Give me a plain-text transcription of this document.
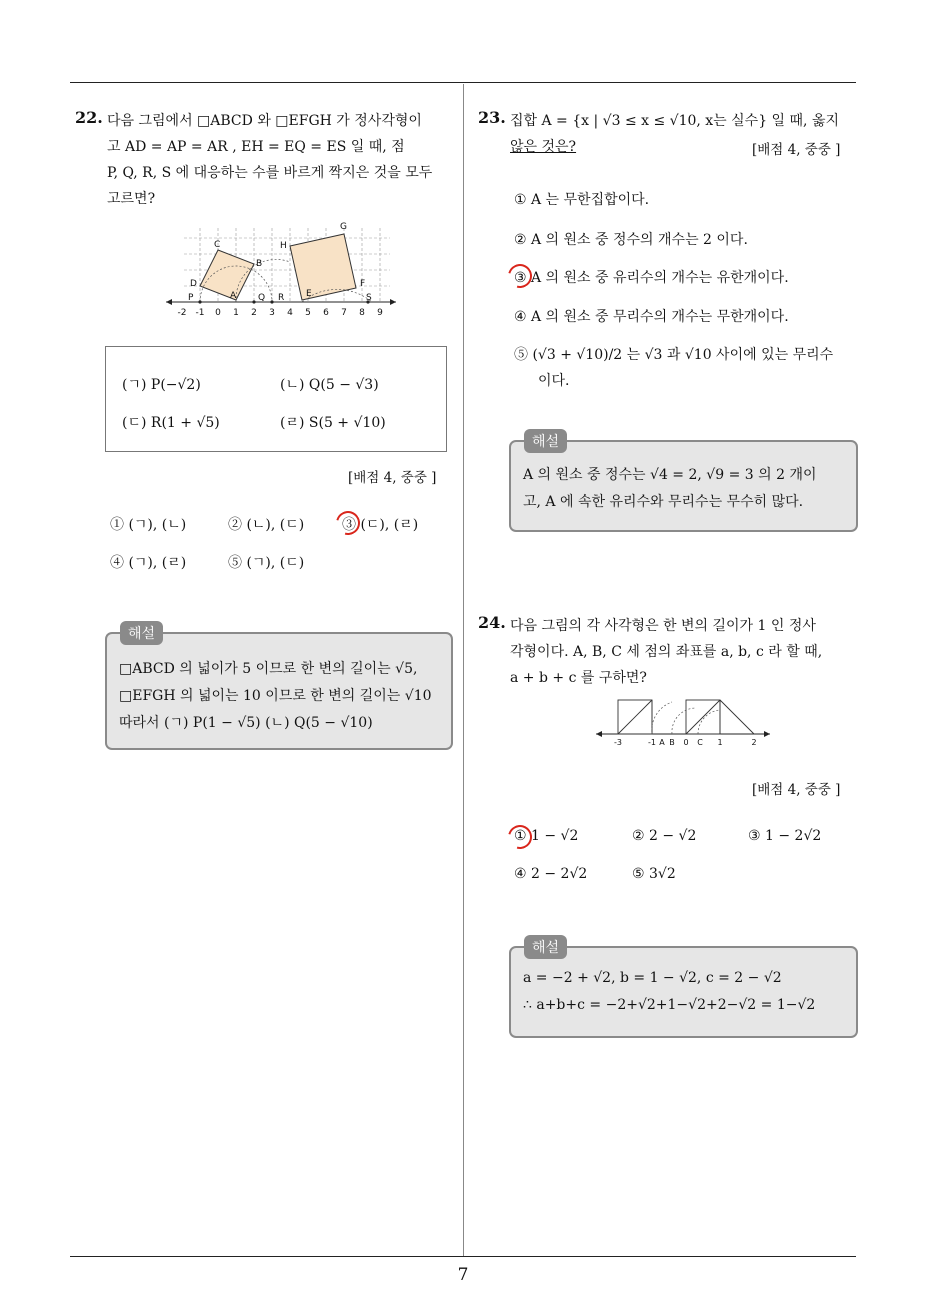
22. 다음 그림에서 □ABCD 와 □EFGH 가 정사각형이
고 AD = AP = AR , EH = EQ = ES 일 때, 점
P, Q, R, S 에 대응하는 수를 바르게 짝지은 것을 모두
고르면?
C	H
G
B
D	F
P	A Q R E	S
-2 -1 0 1 2 3 4 5 6 7 8 9
(ㄱ) P(−√2)	(ㄴ) Q(5 − √3)
(ㄷ) R(1 + √5)	(ㄹ) S(5 + √10)
[배점 4, 중중 ]
① (ㄱ), (ㄴ)	② (ㄴ), (ㄷ)	③ (ㄷ), (ㄹ)
④ (ㄱ), (ㄹ)	⑤ (ㄱ), (ㄷ)
□ABCD 의 넓이가 5 이므로 한 변의 길이는 √5,
□EFGH 의 넓이는 10 이므로 한 변의 길이는 √10
따라서 (ㄱ) P(1 − √5) (ㄴ) Q(5 − √10)
해설
23. 집합 A = {x | √3 ≤ x ≤ √10, x는 실수} 일 때, 옳지
않은 것은?	[배점 4, 중중 ]
① A 는 무한집합이다.
② A 의 원소 중 정수의 개수는 2 이다.
③ A 의 원소 중 유리수의 개수는 유한개이다.
④ A 의 원소 중 무리수의 개수는 무한개이다.
⑤ (√3 + √10)/2 는 √3 과 √10 사이에 있는 무리수
이다.
A 의 원소 중 정수는 √4 = 2, √9 = 3 의 2 개이
고, A 에 속한 유리수와 무리수는 무수히 많다.
해설
24. 다음 그림의 각 사각형은 한 변의 길이가 1 인 정사
각형이다. A, B, C 세 점의 좌표를 a, b, c 라 할 때,
a + b + c 를 구하면?
-3	-1 A B 0 C 1	2
[배점 4, 중중 ]
① 1 − √2	② 2 − √2	③ 1 − 2√2
④ 2 − 2√2	⑤ 3√2
a = −2 + √2, b = 1 − √2, c = 2 − √2
∴ a+b+c = −2+√2+1−√2+2−√2 = 1−√2
해설
7
